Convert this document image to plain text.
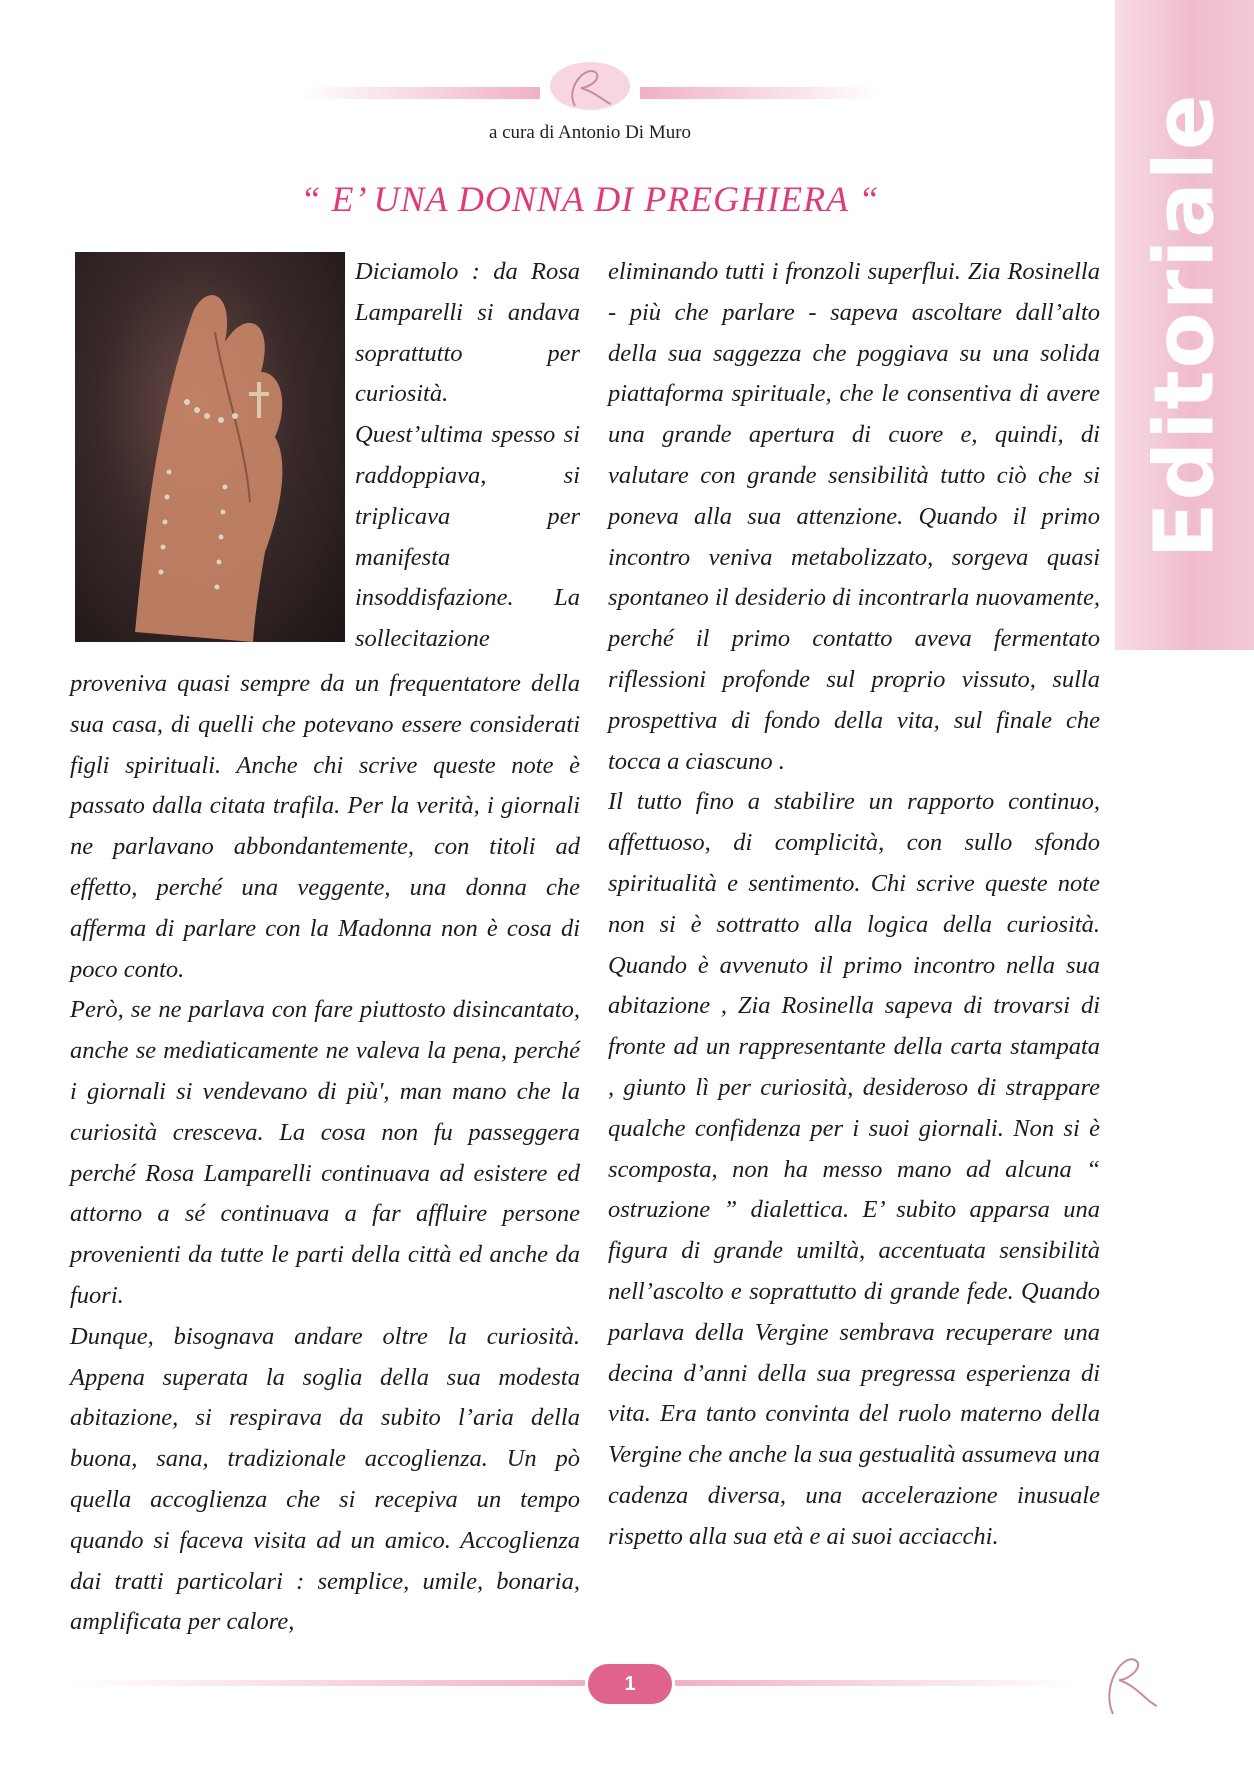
Editoriale
a cura di Antonio Di Muro
“ E’ UNA DONNA DI PREGHIERA “

Diciamolo : da Rosa Lamparelli si andava soprattutto per curiosità. Quest’ultima spesso si raddoppiava, si triplicava per manifesta insoddisfazione. La sollecitazione

proveniva quasi sempre da un frequentatore della sua casa, di quelli che potevano essere considerati figli spirituali. Anche chi scrive queste note è passato dalla citata trafila. Per la verità, i giornali ne parlavano abbondantemente, con titoli ad effetto, perché una veggente, una donna che afferma di parlare con la Madonna non è cosa di poco conto.

Però, se ne parlava con fare piuttosto disincantato, anche se mediaticamente ne valeva la pena, perché i giornali si vendevano di più', man mano che la curiosità cresceva. La cosa non fu passeggera perché Rosa Lamparelli continuava ad esistere ed attorno a sé continuava a far affluire persone provenienti da tutte le parti della città ed anche da fuori.

Dunque, bisognava andare oltre la curiosità. Appena superata la soglia della sua modesta abitazione, si respirava da subito l’aria della buona, sana, tradizionale accoglienza. Un pò quella accoglienza che si recepiva un tempo quando si faceva visita ad un amico. Accoglienza dai tratti particolari : semplice, umile, bonaria, amplificata per calore,

eliminando tutti i fronzoli superflui. Zia Rosinella - più che parlare - sapeva ascoltare dall’alto della sua saggezza che poggiava su una solida piattaforma spirituale, che le consentiva di avere una grande apertura di cuore e, quindi, di valutare con grande sensibilità tutto ciò che si poneva alla sua attenzione. Quando il primo incontro veniva metabolizzato, sorgeva quasi spontaneo il desiderio di incontrarla nuovamente, perché il primo contatto aveva fermentato riflessioni profonde sul proprio vissuto, sulla prospettiva di fondo della vita, sul finale che tocca a ciascuno .

Il tutto fino a stabilire un rapporto continuo, affettuoso, di complicità, con sullo sfondo spiritualità e sentimento. Chi scrive queste note non si è sottratto alla logica della curiosità. Quando è avvenuto il primo incontro nella sua abitazione , Zia Rosinella sapeva di trovarsi di fronte ad un rappresentante della carta stampata , giunto lì per curiosità, desideroso di strappare qualche confidenza per i suoi giornali. Non si è scomposta, non ha messo mano ad alcuna “ ostruzione ” dialettica. E’ subito apparsa una figura di grande umiltà, accentuata sensibilità nell’ascolto e soprattutto di grande fede. Quando parlava della Vergine sembrava recuperare una decina d’anni della sua pregressa esperienza di vita. Era tanto convinta del ruolo materno della Vergine che anche la sua gestualità assumeva una cadenza diversa, una accelerazione inusuale rispetto alla sua età e ai suoi acciacchi.

1
